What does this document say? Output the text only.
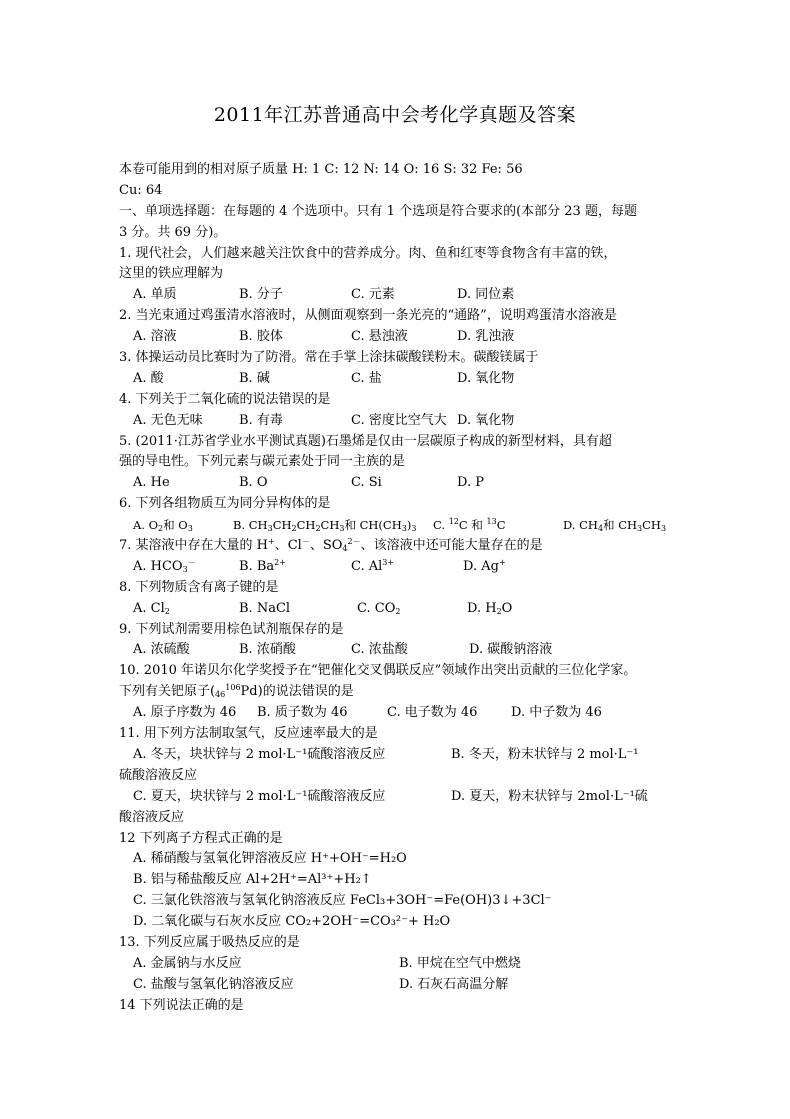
2011年江苏普通高中会考化学真题及答案
本卷可能用到的相对原子质量 H: 1 C: 12 N: 14 O: 16 S: 32 Fe: 56
Cu: 64
一、单项选择题：在每题的 4 个选项中。只有 1 个选项是符合要求的(本部分 23 题，每题
3 分。共 69 分)。
1. 现代社会，人们越来越关注饮食中的营养成分。肉、鱼和红枣等食物含有丰富的铁，
这里的铁应理解为
A. 单质	B. 分子	C. 元素	D. 同位素
2. 当光束通过鸡蛋清水溶液时，从侧面观察到一条光亮的“通路”，说明鸡蛋清水溶液是
A. 溶液	B. 胶体	C. 悬浊液	D. 乳浊液
3. 体操运动员比赛时为了防滑。常在手掌上涂抹碳酸镁粉末。碳酸镁属于
A. 酸	B. 碱	C. 盐	D. 氧化物
4. 下列关于二氧化硫的说法错误的是
A. 无色无味	B. 有毒	C. 密度比空气大 D. 氧化物
5. (2011·江苏省学业水平测试真题)石墨烯是仅由一层碳原子构成的新型材料，具有超
强的导电性。下列元素与碳元素处于同一主族的是
A. He	B. O	C. Si	D. P
6. 下列各组物质互为同分异构体的是
A. $O_2$和 $O_3$	B. $CH_3CH_2CH_2CH_3$和 $CH(CH_3)_3$ C. $^{12}$C 和 $^{13}$C	D. $CH_4$和 $CH_3CH_3$
7. 某溶液中存在大量的 H+、Cl－、$SO_4^{2-}$、该溶液中还可能大量存在的是
A. $HCO_3^-$	B. $Ba^{2+}$	C. $Al^{3+}$	D. Ag+
8. 下列物质含有离子键的是
A. $Cl_2$	B. NaCl	C. $CO_2$	D. $H_2O$
9. 下列试剂需要用棕色试剂瓶保存的是
A. 浓硫酸	B. 浓硝酸	C. 浓盐酸	D. 碳酸钠溶液
10. 2010 年诺贝尔化学奖授予在“钯催化交叉偶联反应”领域作出突出贡献的三位化学家。
下列有关钯原子$(_{46}^{106}Pd)$的说法错误的是
A. 原子序数为 46 B. 质子数为 46	C. 电子数为 46	D. 中子数为 46
11. 用下列方法制取氢气，反应速率最大的是
A. 冬天，块状锌与 2 mol·L⁻¹硫酸溶液反应	B. 冬天，粉末状锌与 2 mol·L⁻¹
硫酸溶液反应
C. 夏天，块状锌与 2 mol·L⁻¹硫酸溶液反应	D. 夏天，粉末状锌与 2mol·L⁻¹硫
酸溶液反应
12 下列离子方程式正确的是
A. 稀硝酸与氢氧化钾溶液反应 H⁺+OH⁻=H₂O
B. 铝与稀盐酸反应 Al+2H⁺=Al³⁺+H₂↑
C. 三氯化铁溶液与氢氧化钠溶液反应 FeCl₃+3OH⁻=Fe(OH)3↓+3Cl⁻
D. 二氧化碳与石灰水反应 CO₂+2OH⁻=CO₃²⁻+ H₂O
13. 下列反应属于吸热反应的是
A. 金属钠与水反应	B. 甲烷在空气中燃烧
C. 盐酸与氢氧化钠溶液反应	D. 石灰石高温分解
14 下列说法正确的是
